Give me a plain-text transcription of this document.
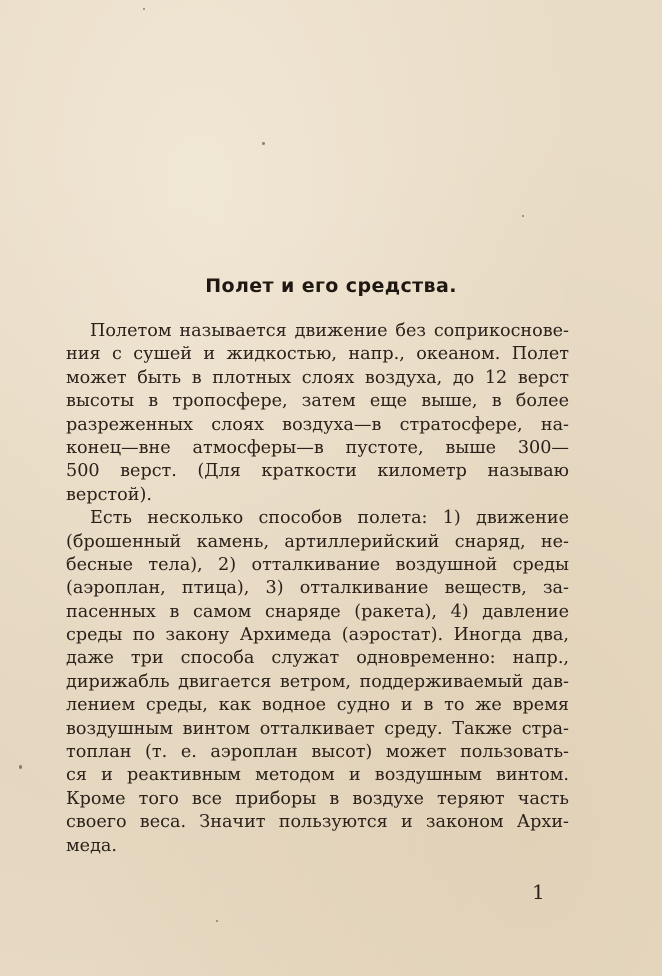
Полет и его средства.
Полетом называется движение без соприкоснове-
ния с сушей и жидкостью, напр., океаном. Полет
может быть в плотных слоях воздуха, до 12 верст
высоты в тропосфере, затем еще выше, в более
разреженных слоях воздуха—в стратосфере, на-
конец—вне атмосферы—в пустоте, выше 300—
500 верст. (Для краткости километр называю
верстой).
Есть несколько способов полета: 1) движение
(брошенный камень, артиллерийский снаряд, не-
бесные тела), 2) отталкивание воздушной среды
(аэроплан, птица), 3) отталкивание веществ, за-
пасенных в самом снаряде (ракета), 4) давление
среды по закону Архимеда (аэростат). Иногда два,
даже три способа служат одновременно: напр.,
дирижабль двигается ветром, поддерживаемый дав-
лением среды, как водное судно и в то же время
воздушным винтом отталкивает среду. Также стра-
топлан (т. е. аэроплан высот) может пользовать-
ся и реактивным методом и воздушным винтом.
Кроме того все приборы в воздухе теряют часть
своего веса. Значит пользуются и законом Архи-
меда.
1
